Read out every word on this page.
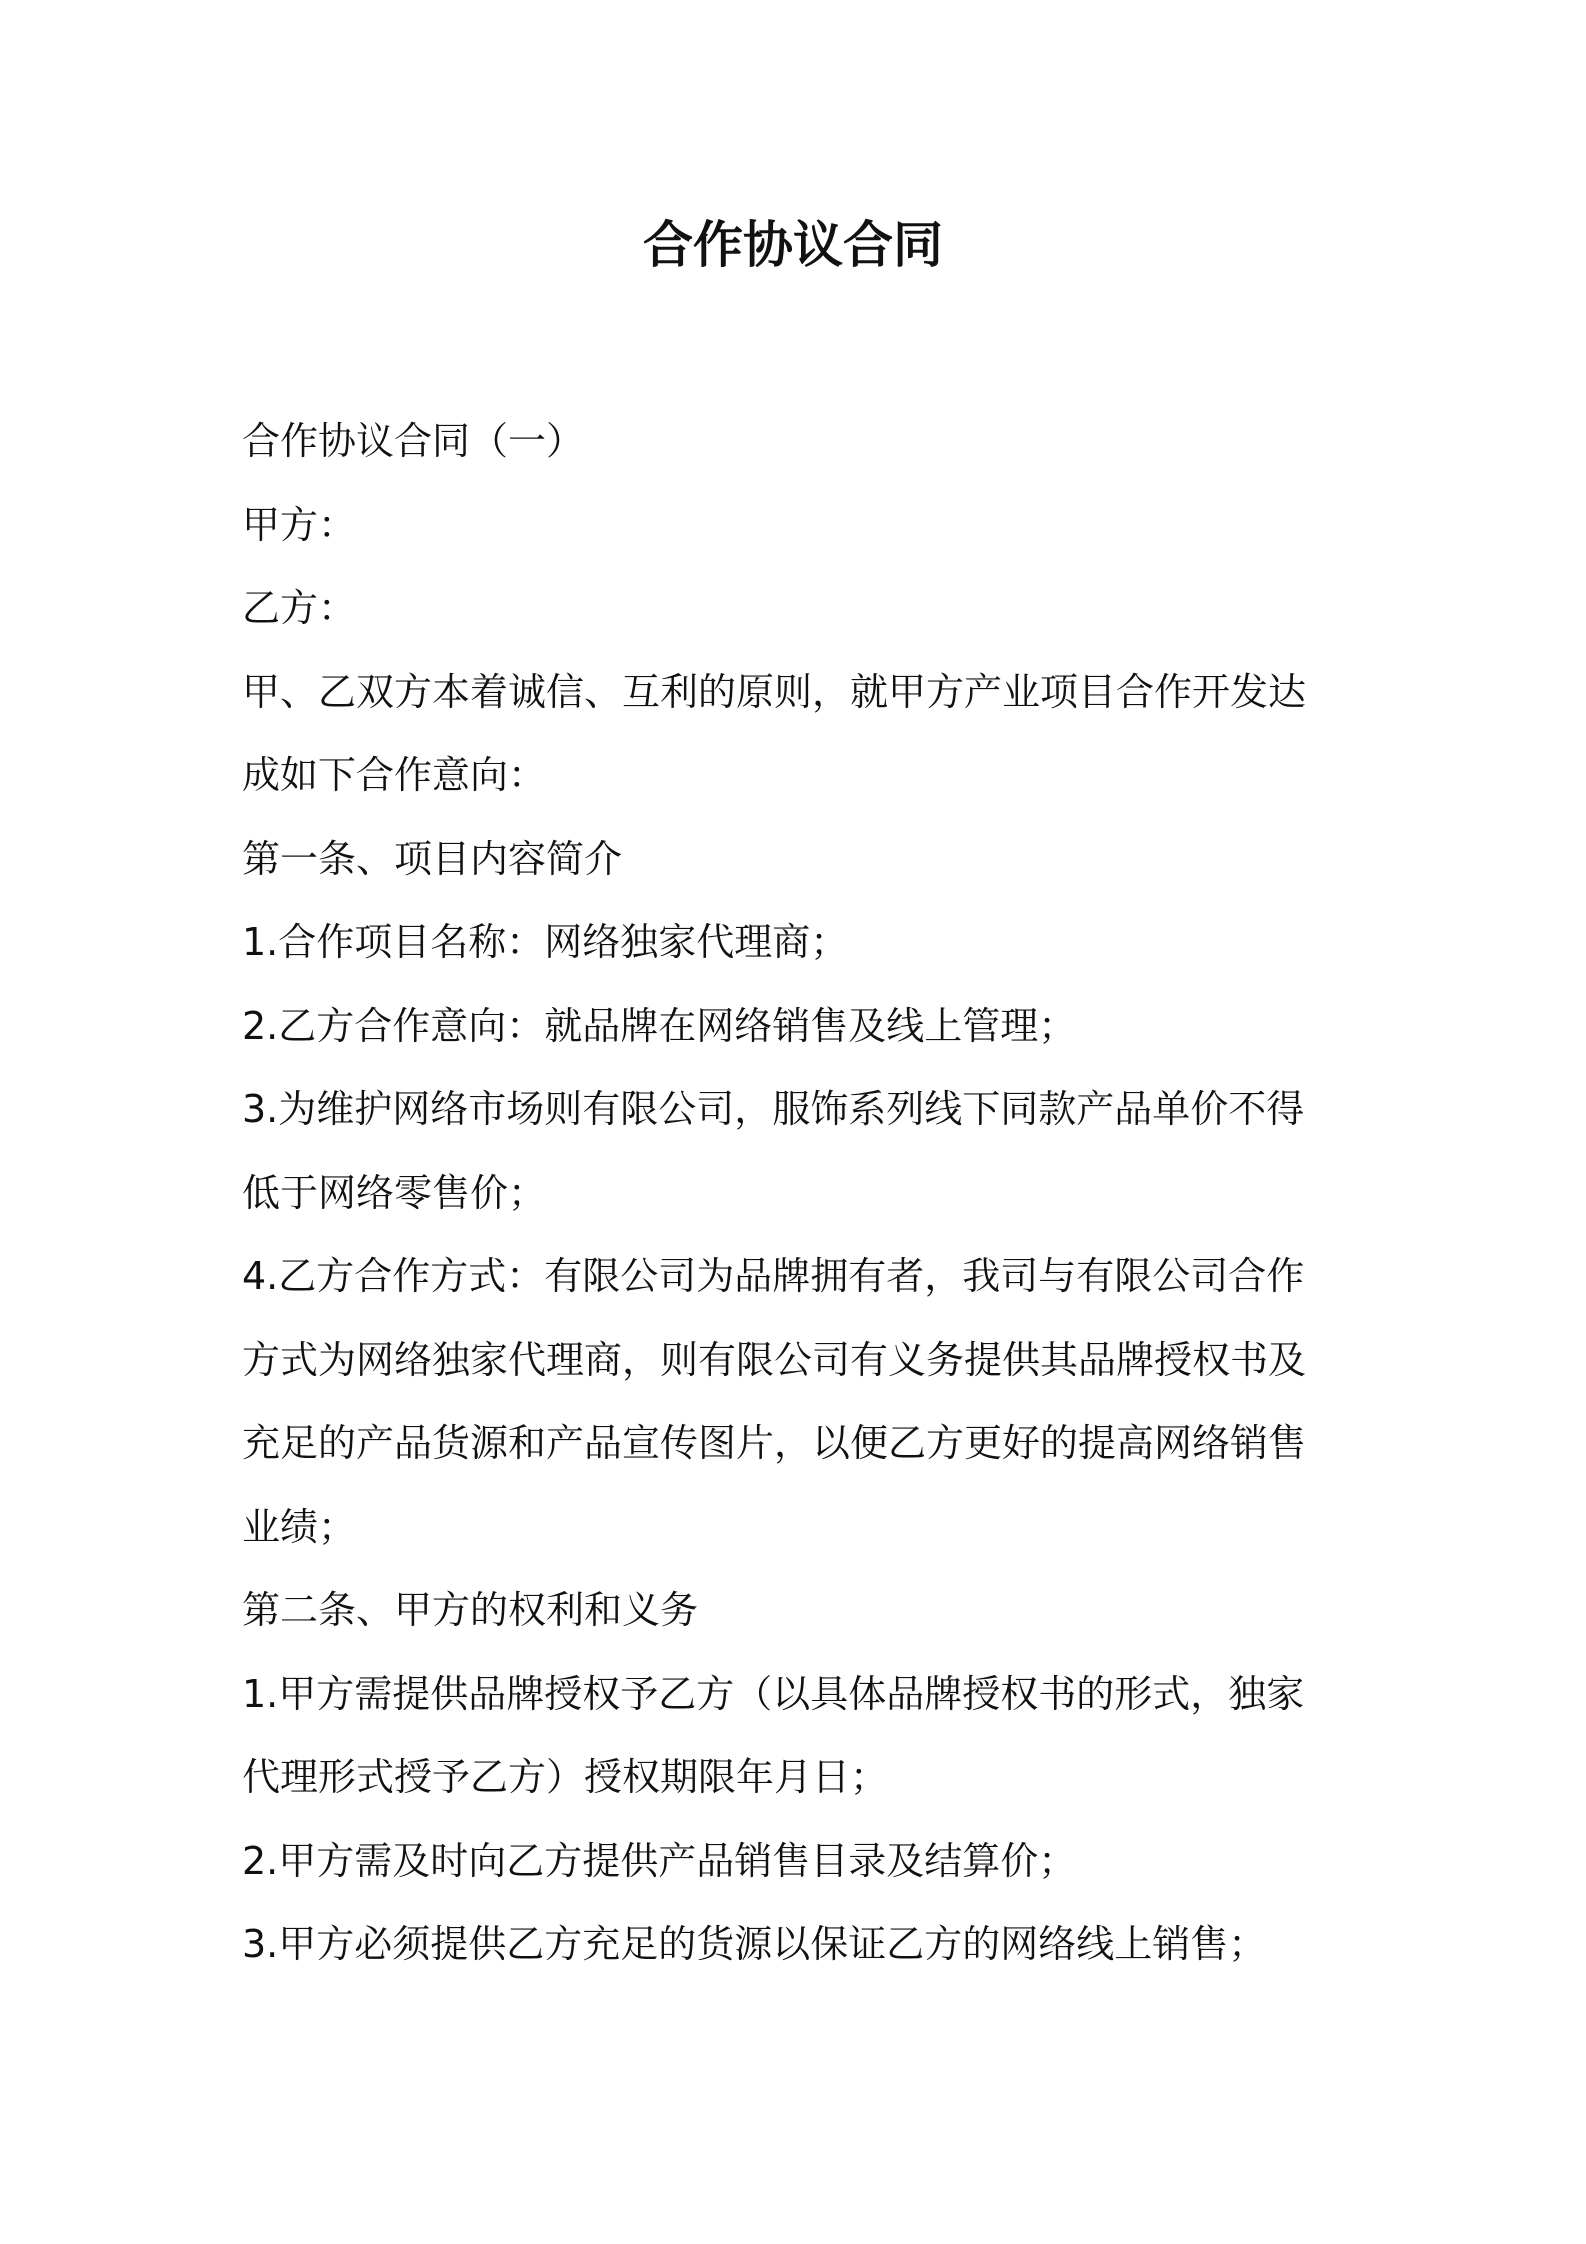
合作协议合同

合作协议合同（一）

甲方：

乙方：

甲、乙双方本着诚信、互利的原则，就甲方产业项目合作开发达

成如下合作意向：

第一条、项目内容简介

1.合作项目名称：网络独家代理商；

2.乙方合作意向：就品牌在网络销售及线上管理；

3.为维护网络市场则有限公司，服饰系列线下同款产品单价不得

低于网络零售价；

4.乙方合作方式：有限公司为品牌拥有者，我司与有限公司合作

方式为网络独家代理商，则有限公司有义务提供其品牌授权书及

充足的产品货源和产品宣传图片，以便乙方更好的提高网络销售

业绩；

第二条、甲方的权利和义务

1.甲方需提供品牌授权予乙方（以具体品牌授权书的形式，独家

代理形式授予乙方）授权期限年月日；

2.甲方需及时向乙方提供产品销售目录及结算价；

3.甲方必须提供乙方充足的货源以保证乙方的网络线上销售；
